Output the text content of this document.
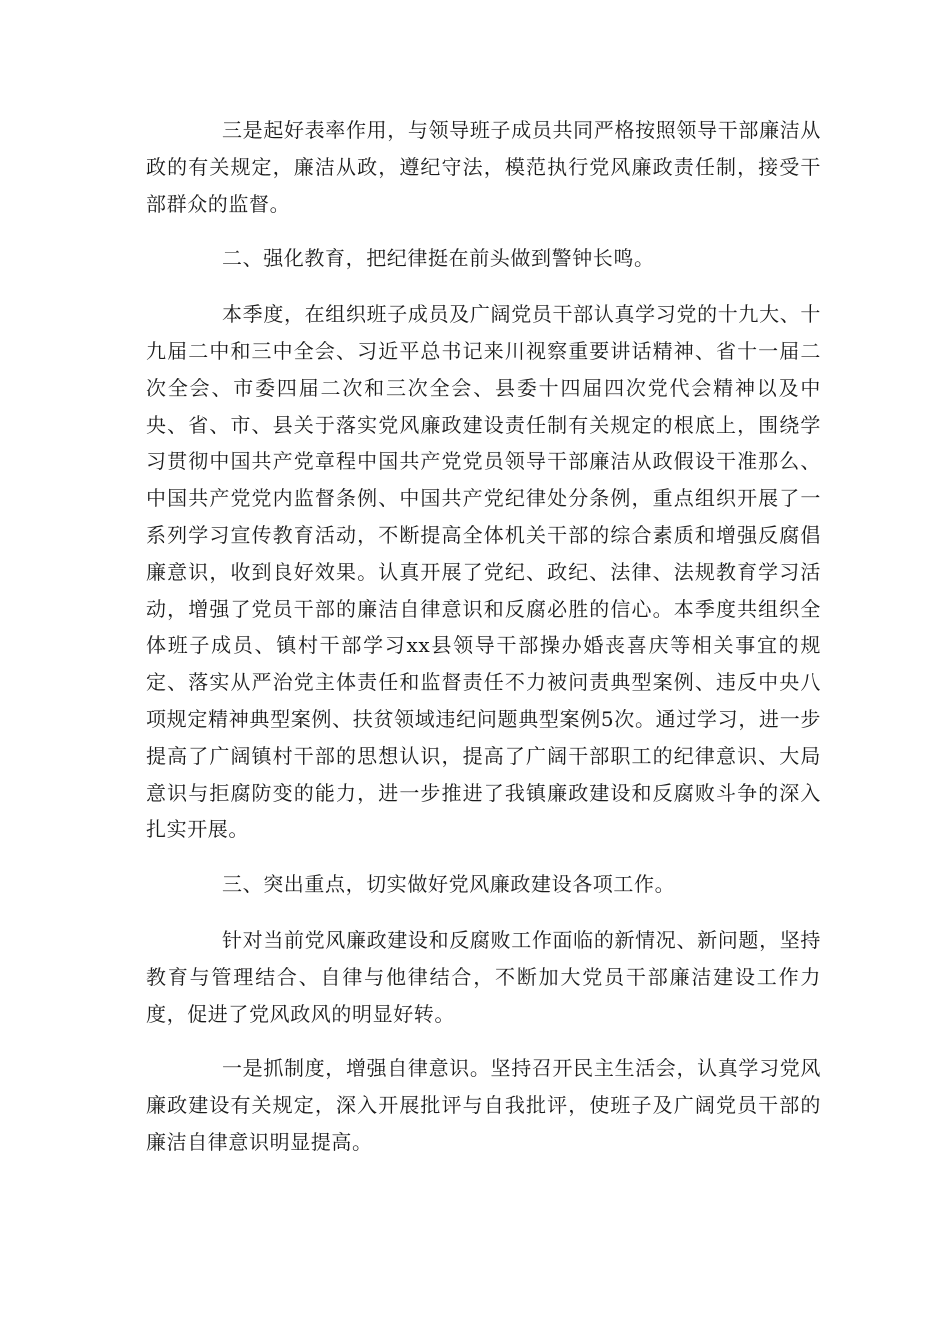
三是起好表率作用，与领导班子成员共同严格按照领导干部廉洁从政的有关规定，廉洁从政，遵纪守法，模范执行党风廉政责任制，接受干部群众的监督。

二、强化教育，把纪律挺在前头做到警钟长鸣。

本季度，在组织班子成员及广阔党员干部认真学习党的十九大、十九届二中和三中全会、习近平总书记来川视察重要讲话精神、省十一届二次全会、市委四届二次和三次全会、县委十四届四次党代会精神以及中央、省、市、县关于落实党风廉政建设责任制有关规定的根底上，围绕学习贯彻中国共产党章程中国共产党党员领导干部廉洁从政假设干准那么、中国共产党党内监督条例、中国共产党纪律处分条例，重点组织开展了一系列学习宣传教育活动，不断提高全体机关干部的综合素质和增强反腐倡廉意识，收到良好效果。认真开展了党纪、政纪、法律、法规教育学习活动，增强了党员干部的廉洁自律意识和反腐必胜的信心。本季度共组织全体班子成员、镇村干部学习xx县领导干部操办婚丧喜庆等相关事宜的规定、落实从严治党主体责任和监督责任不力被问责典型案例、违反中央八项规定精神典型案例、扶贫领域违纪问题典型案例5次。通过学习，进一步提高了广阔镇村干部的思想认识，提高了广阔干部职工的纪律意识、大局意识与拒腐防变的能力，进一步推进了我镇廉政建设和反腐败斗争的深入扎实开展。

三、突出重点，切实做好党风廉政建设各项工作。

针对当前党风廉政建设和反腐败工作面临的新情况、新问题，坚持教育与管理结合、自律与他律结合，不断加大党员干部廉洁建设工作力度，促进了党风政风的明显好转。

一是抓制度，增强自律意识。坚持召开民主生活会，认真学习党风廉政建设有关规定，深入开展批评与自我批评，使班子及广阔党员干部的廉洁自律意识明显提高。
